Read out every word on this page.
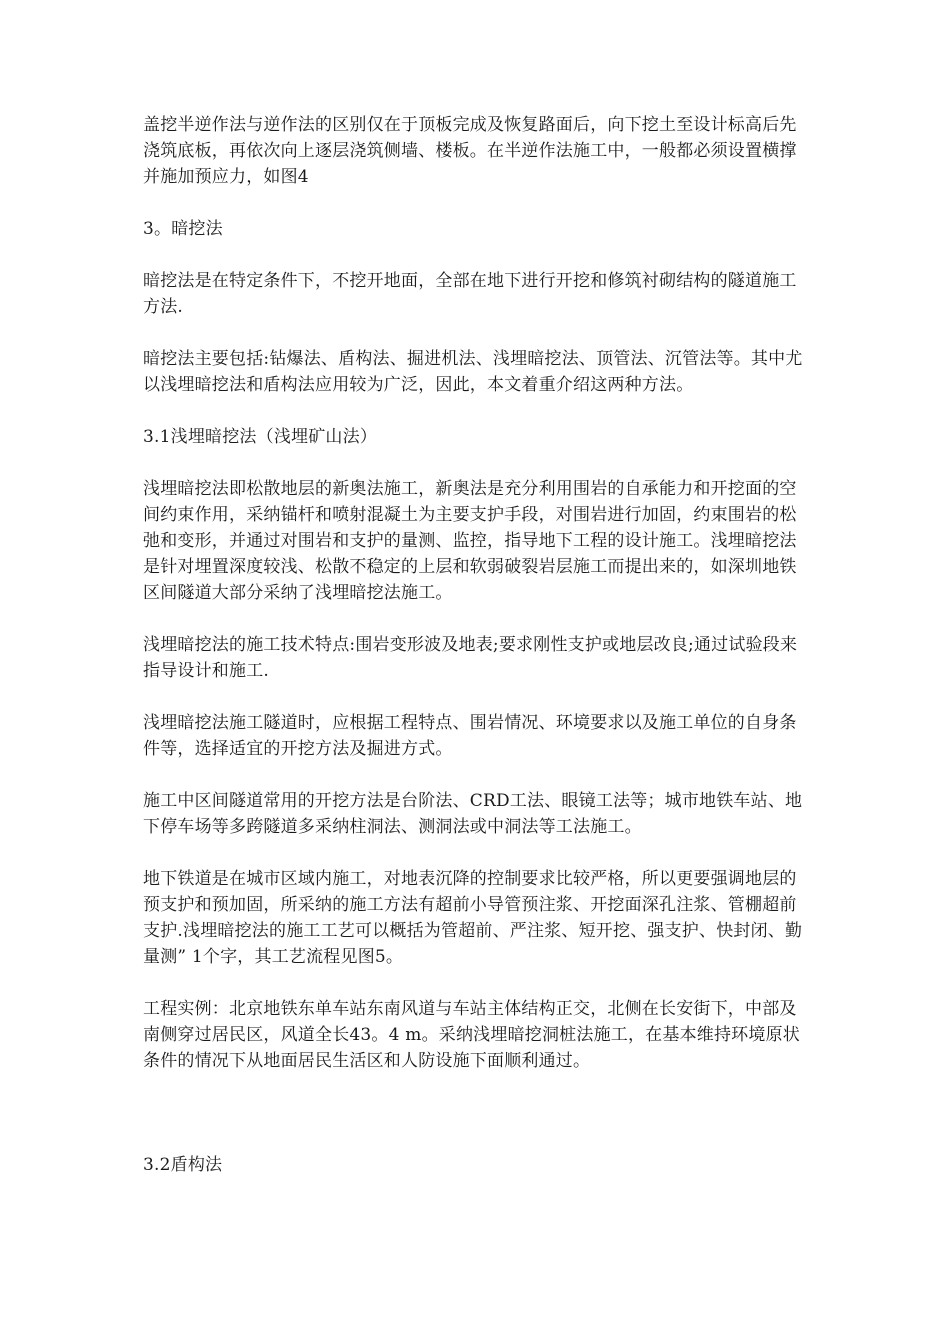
盖挖半逆作法与逆作法的区别仅在于顶板完成及恢复路面后，向下挖土至设计标高后先浇筑底板，再依次向上逐层浇筑侧墙、楼板。在半逆作法施工中，一般都必须设置横撑并施加预应力，如图4

3。暗挖法

暗挖法是在特定条件下，不挖开地面，全部在地下进行开挖和修筑衬砌结构的隧道施工方法.

暗挖法主要包括:钻爆法、盾构法、掘进机法、浅埋暗挖法、顶管法、沉管法等。其中尤以浅埋暗挖法和盾构法应用较为广泛，因此，本文着重介绍这两种方法。

3.1浅埋暗挖法（浅埋矿山法）

浅埋暗挖法即松散地层的新奥法施工，新奥法是充分利用围岩的自承能力和开挖面的空间约束作用，采纳锚杆和喷射混凝土为主要支护手段，对围岩进行加固，约束围岩的松弛和变形，并通过对围岩和支护的量测、监控，指导地下工程的设计施工。浅埋暗挖法是针对埋置深度较浅、松散不稳定的上层和软弱破裂岩层施工而提出来的，如深圳地铁区间隧道大部分采纳了浅埋暗挖法施工。

浅埋暗挖法的施工技术特点:围岩变形波及地表;要求刚性支护或地层改良;通过试验段来指导设计和施工.

浅埋暗挖法施工隧道时，应根据工程特点、围岩情况、环境要求以及施工单位的自身条件等，选择适宜的开挖方法及掘进方式。

施工中区间隧道常用的开挖方法是台阶法、CRD工法、眼镜工法等；城市地铁车站、地下停车场等多跨隧道多采纳柱洞法、测洞法或中洞法等工法施工。

地下铁道是在城市区域内施工，对地表沉降的控制要求比较严格，所以更要强调地层的预支护和预加固，所采纳的施工方法有超前小导管预注浆、开挖面深孔注浆、管棚超前支护.浅埋暗挖法的施工工艺可以概括为管超前、严注浆、短开挖、强支护、快封闭、勤量测” 1个字，其工艺流程见图5。

工程实例：北京地铁东单车站东南风道与车站主体结构正交，北侧在长安街下，中部及南侧穿过居民区，风道全长43。4 m。采纳浅埋暗挖洞桩法施工，在基本维持环境原状条件的情况下从地面居民生活区和人防设施下面顺利通过。

3.2盾构法
